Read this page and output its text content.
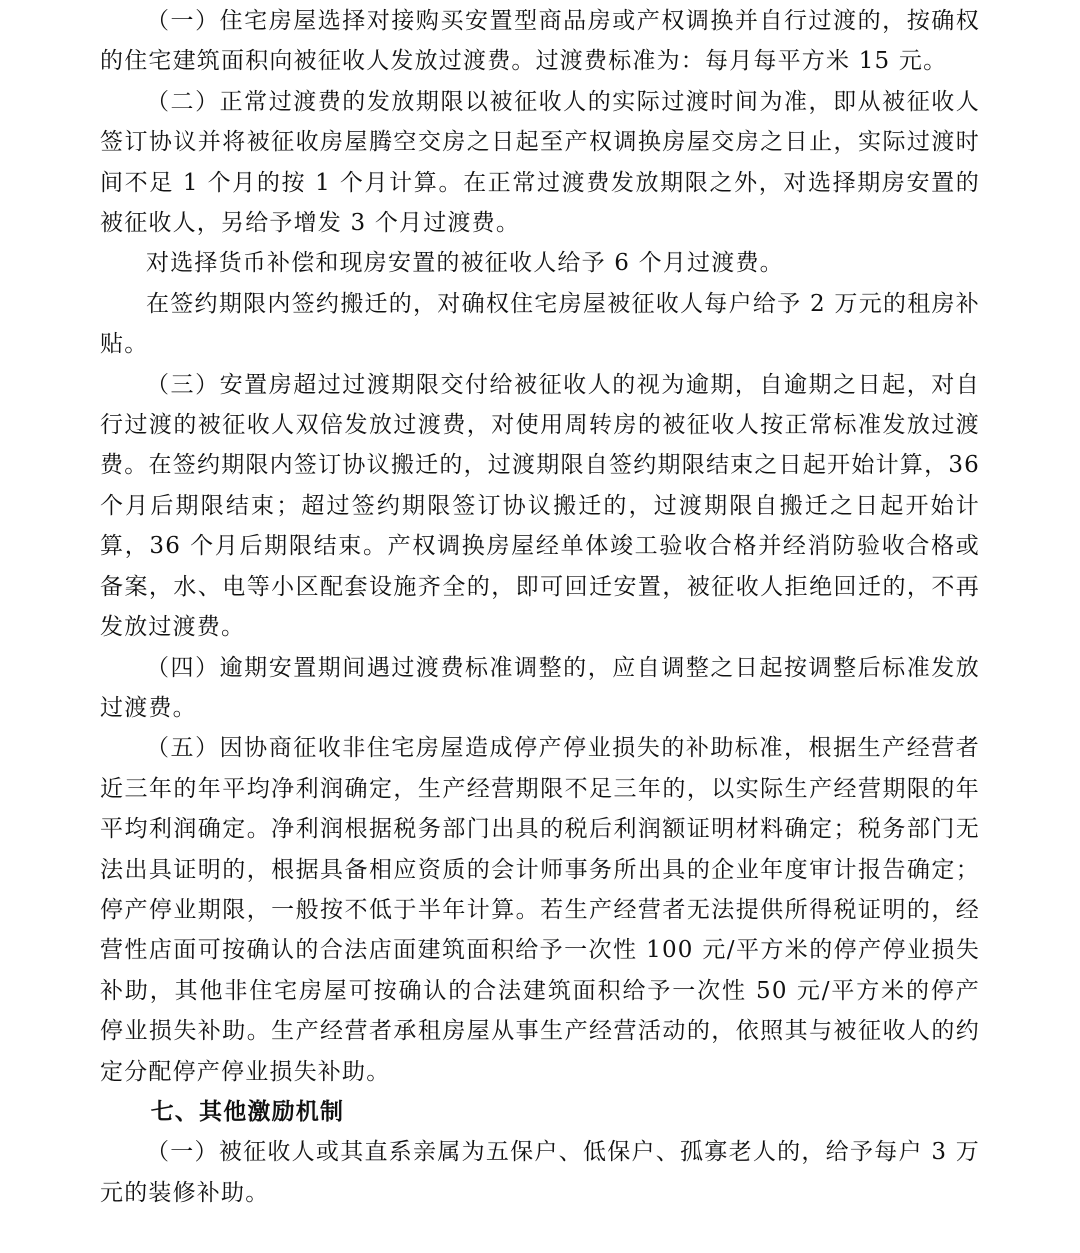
（一）住宅房屋选择对接购买安置型商品房或产权调换并自行过渡的，按确权的住宅建筑面积向被征收人发放过渡费。过渡费标准为：每月每平方米 15 元。

（二）正常过渡费的发放期限以被征收人的实际过渡时间为准，即从被征收人签订协议并将被征收房屋腾空交房之日起至产权调换房屋交房之日止，实际过渡时间不足 1 个月的按 1 个月计算。在正常过渡费发放期限之外，对选择期房安置的被征收人，另给予增发 3 个月过渡费。

对选择货币补偿和现房安置的被征收人给予 6 个月过渡费。

在签约期限内签约搬迁的，对确权住宅房屋被征收人每户给予 2 万元的租房补贴。

（三）安置房超过过渡期限交付给被征收人的视为逾期，自逾期之日起，对自行过渡的被征收人双倍发放过渡费，对使用周转房的被征收人按正常标准发放过渡费。在签约期限内签订协议搬迁的，过渡期限自签约期限结束之日起开始计算，36 个月后期限结束；超过签约期限签订协议搬迁的，过渡期限自搬迁之日起开始计算，36 个月后期限结束。产权调换房屋经单体竣工验收合格并经消防验收合格或备案，水、电等小区配套设施齐全的，即可回迁安置，被征收人拒绝回迁的，不再发放过渡费。

（四）逾期安置期间遇过渡费标准调整的，应自调整之日起按调整后标准发放过渡费。

（五）因协商征收非住宅房屋造成停产停业损失的补助标准，根据生产经营者近三年的年平均净利润确定，生产经营期限不足三年的，以实际生产经营期限的年平均利润确定。净利润根据税务部门出具的税后利润额证明材料确定；税务部门无法出具证明的，根据具备相应资质的会计师事务所出具的企业年度审计报告确定；停产停业期限，一般按不低于半年计算。若生产经营者无法提供所得税证明的，经营性店面可按确认的合法店面建筑面积给予一次性 100 元/平方米的停产停业损失补助，其他非住宅房屋可按确认的合法建筑面积给予一次性 50 元/平方米的停产停业损失补助。生产经营者承租房屋从事生产经营活动的，依照其与被征收人的约定分配停产停业损失补助。

七、其他激励机制

（一）被征收人或其直系亲属为五保户、低保户、孤寡老人的，给予每户 3 万元的装修补助。
